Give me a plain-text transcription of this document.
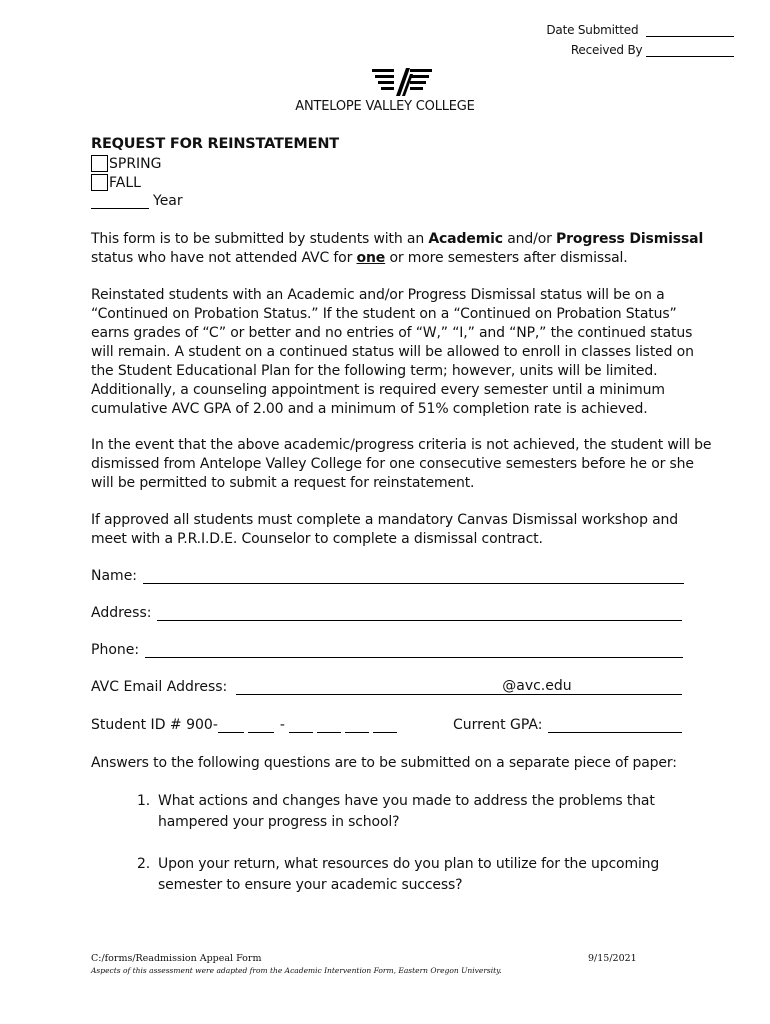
Date Submitted
Received By
ANTELOPE VALLEY COLLEGE
REQUEST FOR REINSTATEMENT
SPRING
FALL
Year
This form is to be submitted by students with an Academic and/or Progress Dismissal status who have not attended AVC for one or more semesters after dismissal.
Reinstated students with an Academic and/or Progress Dismissal status will be on a “Continued on Probation Status.” If the student on a “Continued on Probation Status” earns grades of “C” or better and no entries of “W,” “I,” and “NP,” the continued status will remain. A student on a continued status will be allowed to enroll in classes listed on the Student Educational Plan for the following term; however, units will be limited. Additionally, a counseling appointment is required every semester until a minimum cumulative AVC GPA of 2.00 and a minimum of 51% completion rate is achieved.
In the event that the above academic/progress criteria is not achieved, the student will be dismissed from Antelope Valley College for one consecutive semesters before he or she will be permitted to submit a request for reinstatement.
If approved all students must complete a mandatory Canvas Dismissal workshop and meet with a P.R.I.D.E. Counselor to complete a dismissal contract.
Name:
Address:
Phone:
AVC Email Address:	@avc.edu
Student ID # 900-	-	Current GPA:
Answers to the following questions are to be submitted on a separate piece of paper:
1. What actions and changes have you made to address the problems that hampered your progress in school?
2. Upon your return, what resources do you plan to utilize for the upcoming semester to ensure your academic success?
C:/forms/Readmission Appeal Form	9/15/2021
Aspects of this assessment were adapted from the Academic Intervention Form, Eastern Oregon University.
